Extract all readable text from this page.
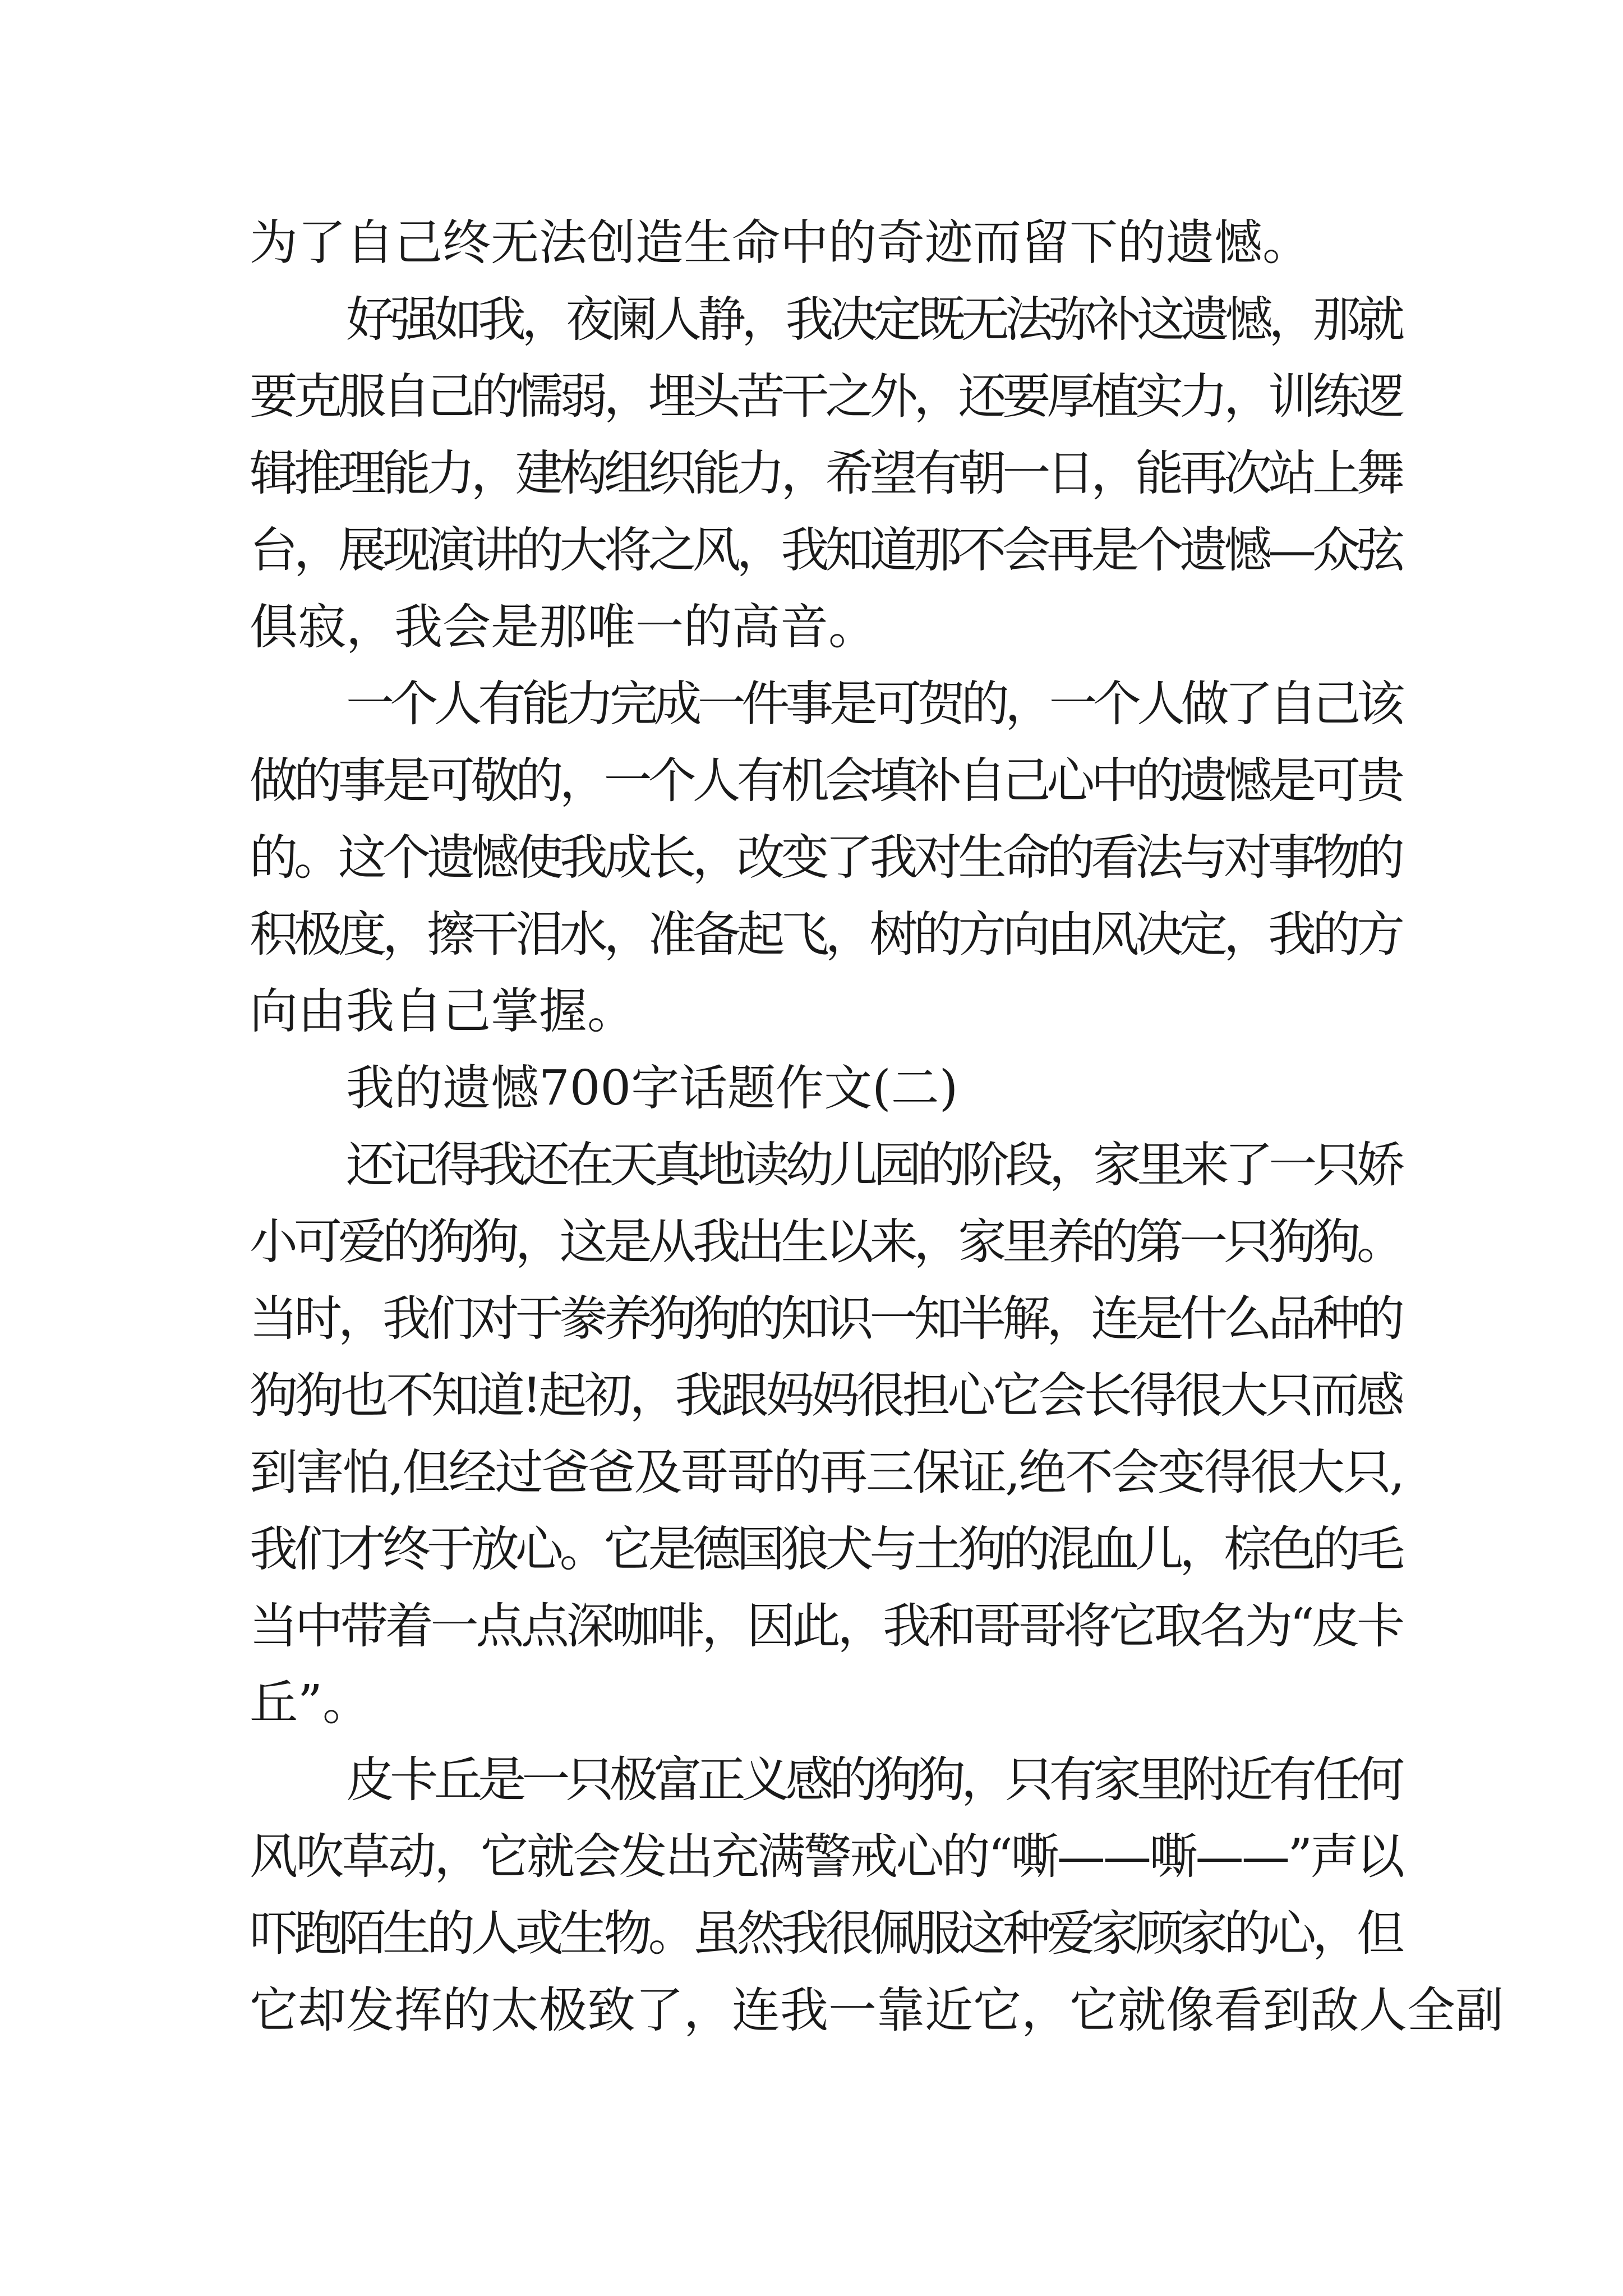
为了自己终无法创造生命中的奇迹而留下的遗憾。
好强如我，夜阑人静，我决定既无法弥补这遗憾，那就
要克服自己的懦弱，埋头苦干之外，还要厚植实力，训练逻
辑推理能力，建构组织能力，希望有朝一日，能再次站上舞
台，展现演讲的大将之风，我知道那不会再是个遗憾—众弦
俱寂，我会是那唯一的高音。
一个人有能力完成一件事是可贺的，一个人做了自己该
做的事是可敬的，一个人有机会填补自己心中的遗憾是可贵
的。这个遗憾使我成长，改变了我对生命的看法与对事物的
积极度，擦干泪水，准备起飞，树的方向由风决定，我的方
向由我自己掌握。
我的遗憾700字话题作文(二)
还记得我还在天真地读幼儿园的阶段，家里来了一只娇
小可爱的狗狗，这是从我出生以来，家里养的第一只狗狗。
当时，我们对于豢养狗狗的知识一知半解，连是什么品种的
狗狗也不知道!起初，我跟妈妈很担心它会长得很大只而感
到害怕,但经过爸爸及哥哥的再三保证,绝不会变得很大只,
我们才终于放心。它是德国狼犬与土狗的混血儿，棕色的毛
当中带着一点点深咖啡，因此，我和哥哥将它取名为“皮卡
丘”。
皮卡丘是一只极富正义感的狗狗，只有家里附近有任何
风吹草动，它就会发出充满警戒心的“嘶——嘶——”声以
吓跑陌生的人或生物。虽然我很佩服这种爱家顾家的心，但
它却发挥的太极致了，连我一靠近它，它就像看到敌人全副
